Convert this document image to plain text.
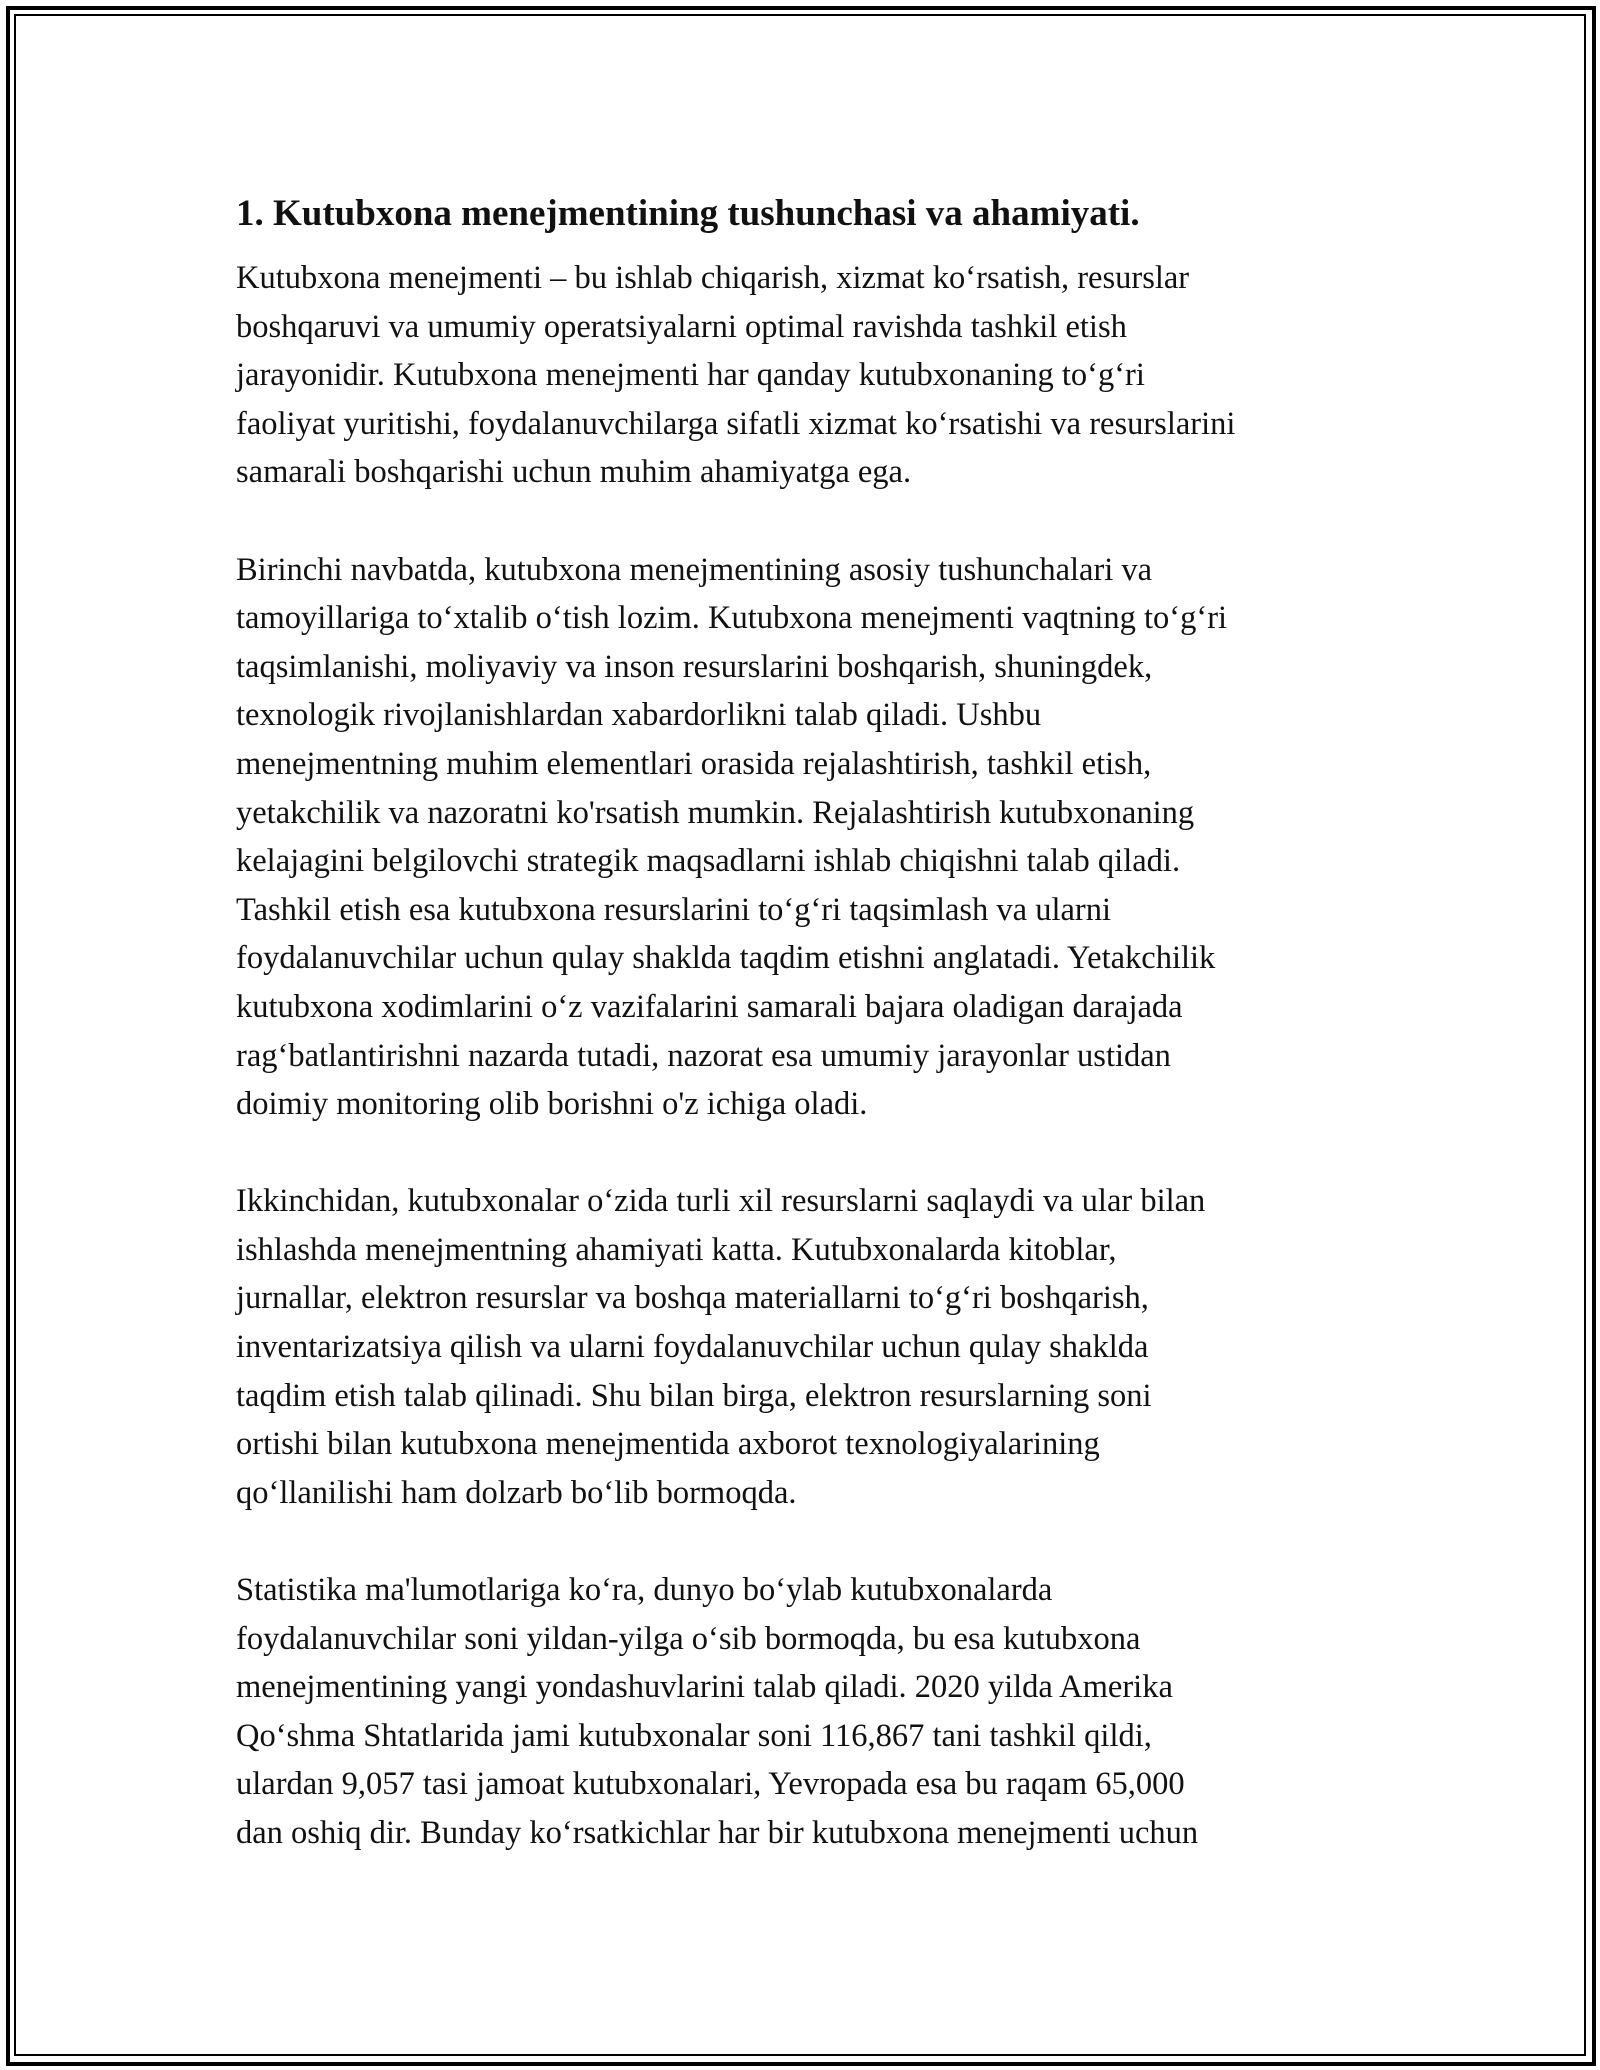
1. Kutubxona menejmentining tushunchasi va ahamiyati.
Kutubxona menejmenti – bu ishlab chiqarish, xizmat ko‘rsatish, resurslar
boshqaruvi va umumiy operatsiyalarni optimal ravishda tashkil etish
jarayonidir. Kutubxona menejmenti har qanday kutubxonaning to‘g‘ri
faoliyat yuritishi, foydalanuvchilarga sifatli xizmat ko‘rsatishi va resurslarini
samarali boshqarishi uchun muhim ahamiyatga ega.
Birinchi navbatda, kutubxona menejmentining asosiy tushunchalari va
tamoyillariga to‘xtalib o‘tish lozim. Kutubxona menejmenti vaqtning to‘g‘ri
taqsimlanishi, moliyaviy va inson resurslarini boshqarish, shuningdek,
texnologik rivojlanishlardan xabardorlikni talab qiladi. Ushbu
menejmentning muhim elementlari orasida rejalashtirish, tashkil etish,
yetakchilik va nazoratni ko'rsatish mumkin. Rejalashtirish kutubxonaning
kelajagini belgilovchi strategik maqsadlarni ishlab chiqishni talab qiladi.
Tashkil etish esa kutubxona resurslarini to‘g‘ri taqsimlash va ularni
foydalanuvchilar uchun qulay shaklda taqdim etishni anglatadi. Yetakchilik
kutubxona xodimlarini o‘z vazifalarini samarali bajara oladigan darajada
rag‘batlantirishni nazarda tutadi, nazorat esa umumiy jarayonlar ustidan
doimiy monitoring olib borishni o'z ichiga oladi.
Ikkinchidan, kutubxonalar o‘zida turli xil resurslarni saqlaydi va ular bilan
ishlashda menejmentning ahamiyati katta. Kutubxonalarda kitoblar,
jurnallar, elektron resurslar va boshqa materiallarni to‘g‘ri boshqarish,
inventarizatsiya qilish va ularni foydalanuvchilar uchun qulay shaklda
taqdim etish talab qilinadi. Shu bilan birga, elektron resurslarning soni
ortishi bilan kutubxona menejmentida axborot texnologiyalarining
qo‘llanilishi ham dolzarb bo‘lib bormoqda.
Statistika ma'lumotlariga ko‘ra, dunyo bo‘ylab kutubxonalarda
foydalanuvchilar soni yildan-yilga o‘sib bormoqda, bu esa kutubxona
menejmentining yangi yondashuvlarini talab qiladi. 2020 yilda Amerika
Qo‘shma Shtatlarida jami kutubxonalar soni 116,867 tani tashkil qildi,
ulardan 9,057 tasi jamoat kutubxonalari, Yevropada esa bu raqam 65,000
dan oshiq dir. Bunday ko‘rsatkichlar har bir kutubxona menejmenti uchun
